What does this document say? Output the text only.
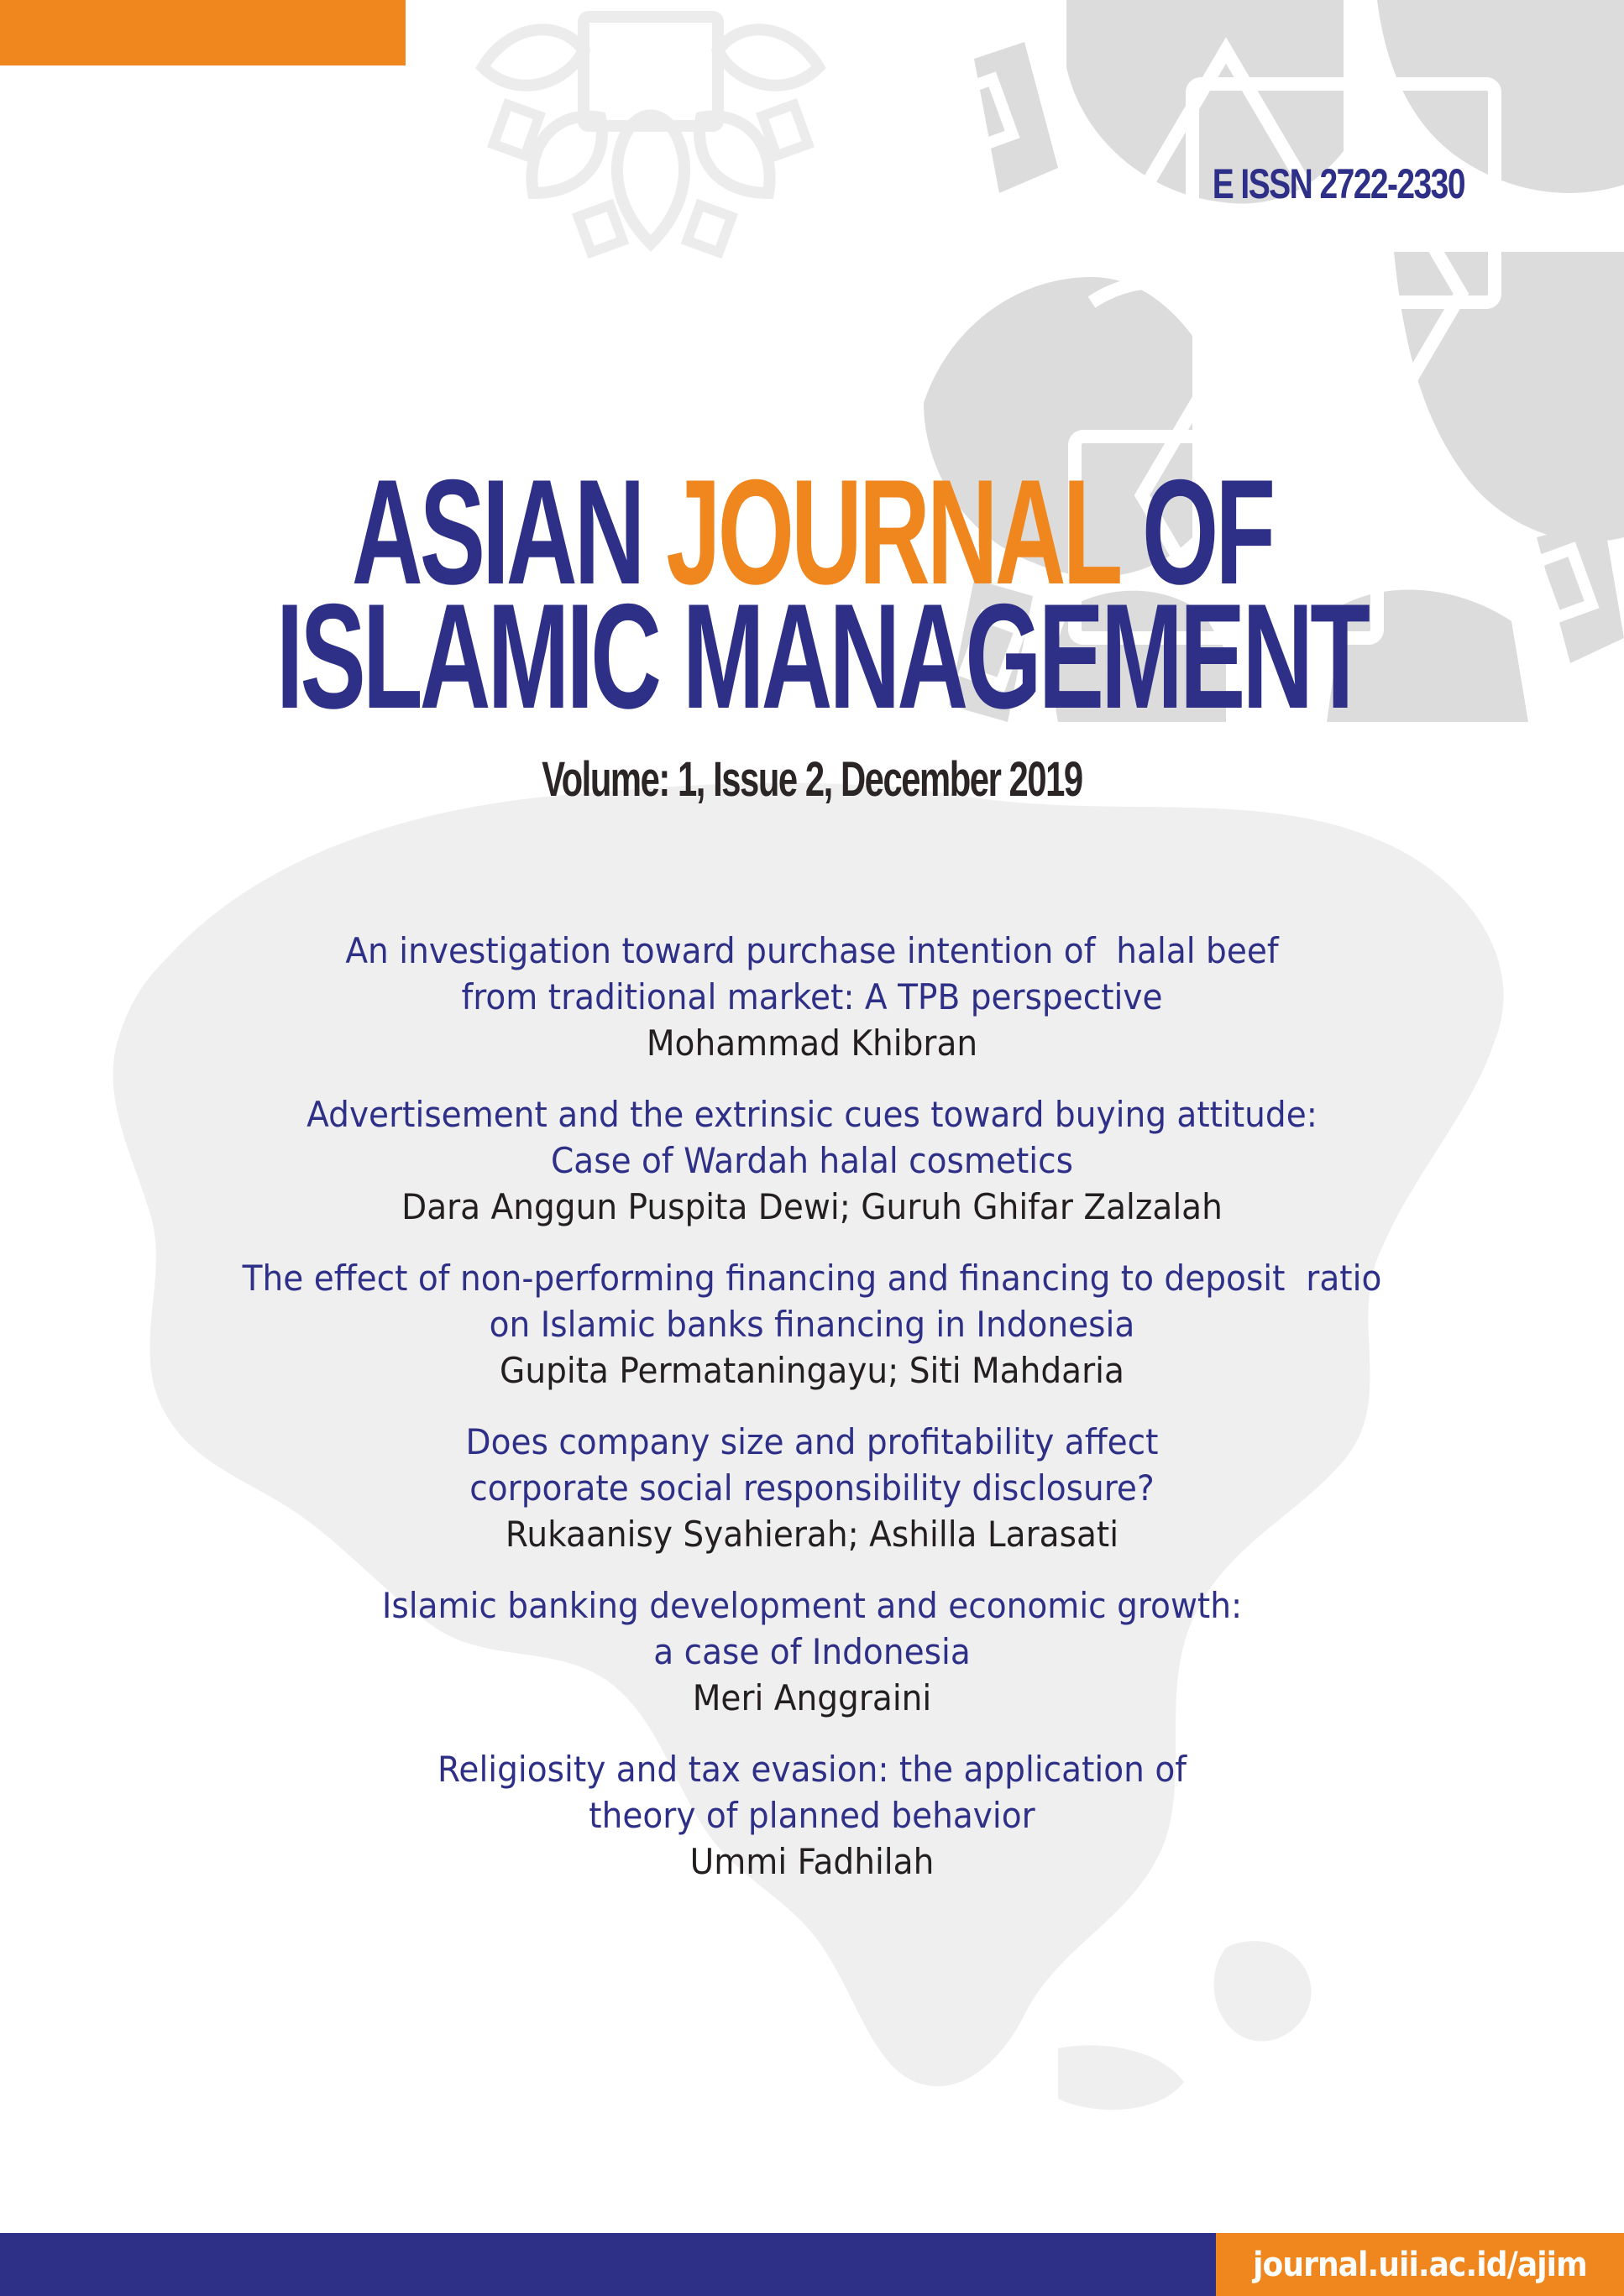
E ISSN 2722-2330
ASIAN JOURNAL OF
ISLAMIC MANAGEMENT
Volume: 1, Issue 2, December 2019
An investigation toward purchase intention of  halal beef
from traditional market: A TPB perspective
Mohammad Khibran
Advertisement and the extrinsic cues toward buying attitude:
Case of Wardah halal cosmetics
Dara Anggun Puspita Dewi; Guruh Ghifar Zalzalah
The effect of non-performing financing and financing to deposit  ratio
on Islamic banks financing in Indonesia
Gupita Permataningayu; Siti Mahdaria
Does company size and profitability affect
corporate social responsibility disclosure?
Rukaanisy Syahierah; Ashilla Larasati
Islamic banking development and economic growth:
a case of Indonesia
Meri Anggraini
Religiosity and tax evasion: the application of
theory of planned behavior
Ummi Fadhilah
journal.uii.ac.id/ajim
